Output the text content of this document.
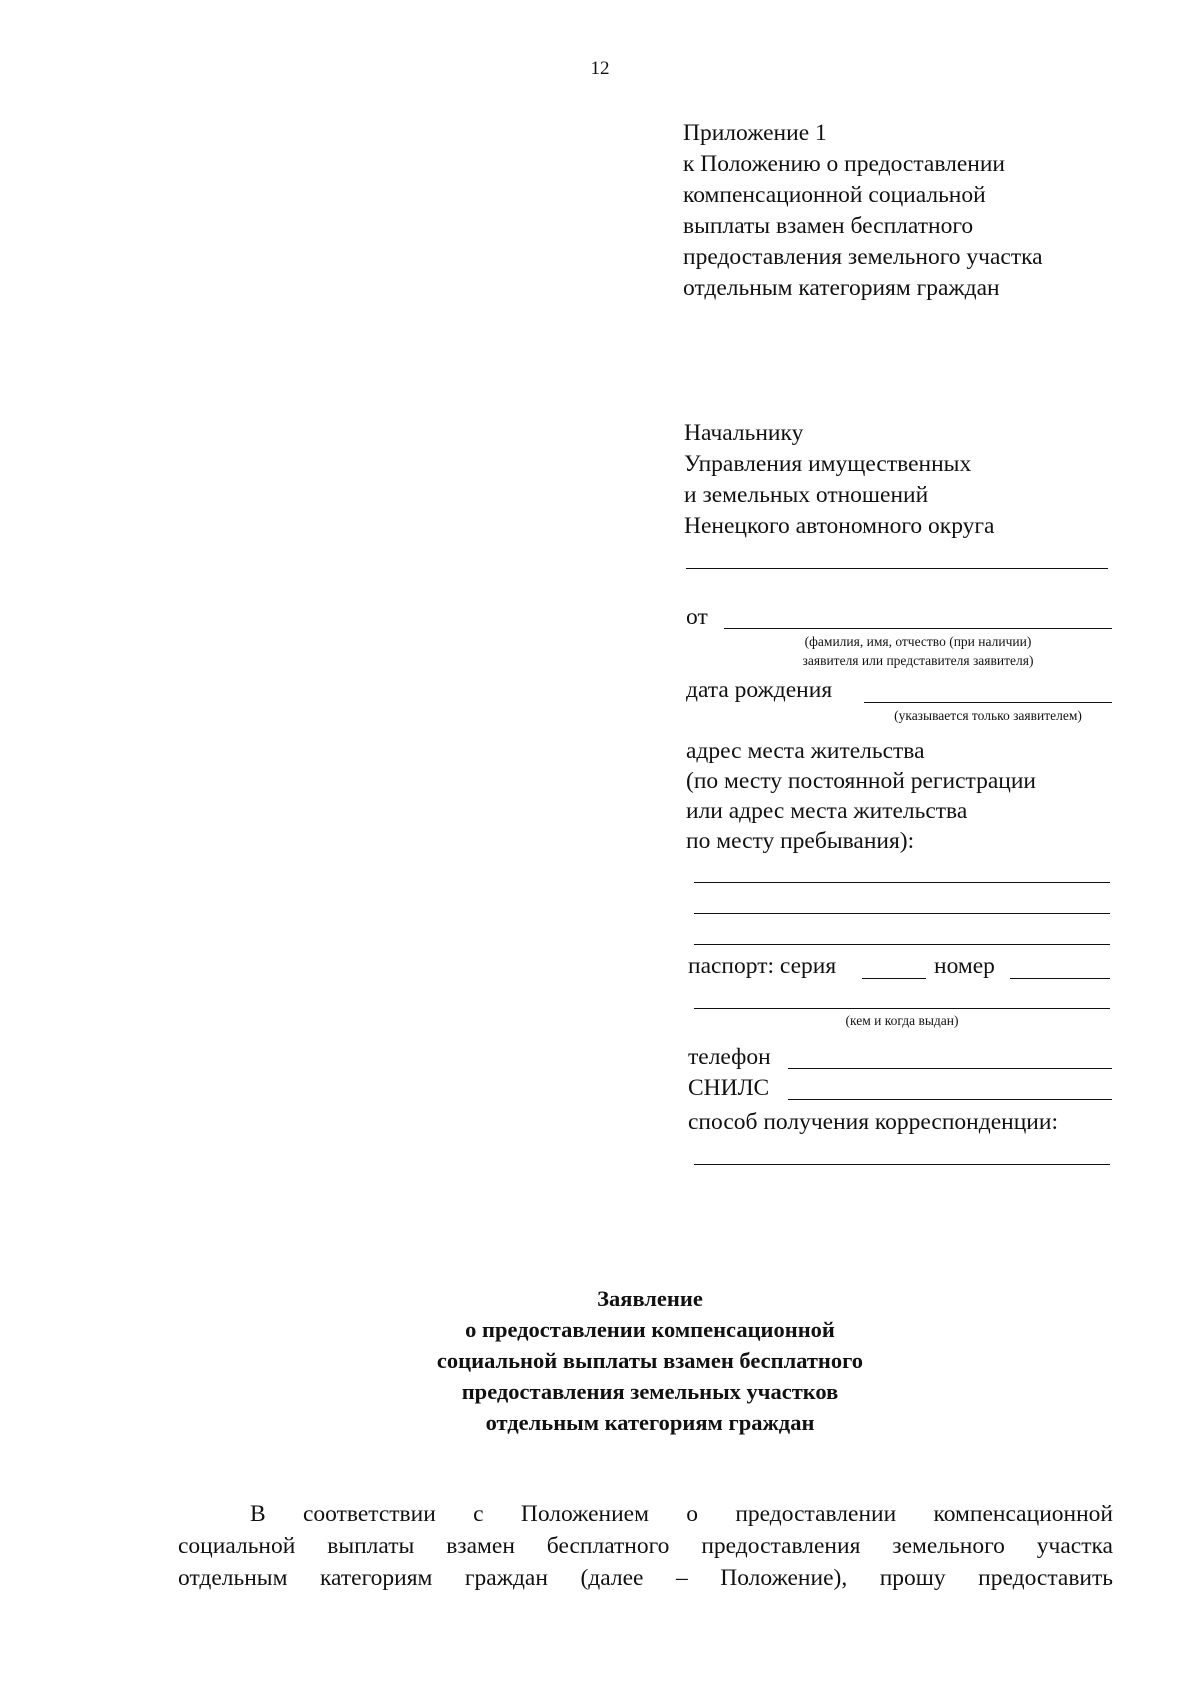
12
Приложение 1
к Положению о предоставлении
компенсационной социальной
выплаты взамен бесплатного
предоставления земельного участка
отдельным категориям граждан
Начальнику
Управления имущественных
и земельных отношений
Ненецкого автономного округа
от
(фамилия, имя, отчество (при наличии)
заявителя или представителя заявителя)
дата рождения
(указывается только заявителем)
адрес места жительства
(по месту постоянной регистрации
или адрес места жительства
по месту пребывания):
паспорт: серия	номер
(кем и когда выдан)
телефон
СНИЛС
способ получения корреспонденции:
Заявление
о предоставлении компенсационной
социальной выплаты взамен бесплатного
предоставления земельных участков
отдельным категориям граждан
В соответствии с Положением о предоставлении компенсационной
социальной выплаты взамен бесплатного предоставления земельного участка
отдельным категориям граждан (далее – Положение), прошу предоставить
